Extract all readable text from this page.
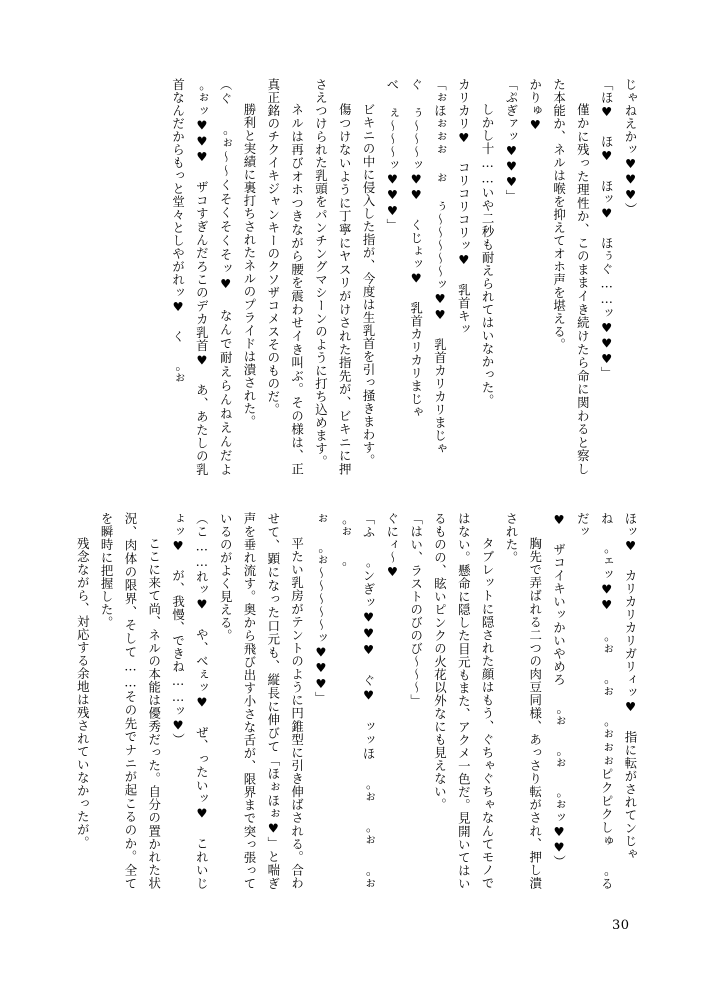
じゃねえかッ♥♥♥）

「ほ♥ ほ♥ ほッ♥ ほぅぐ……ッ♥♥♥」

　僅かに残った理性か、このままイき続けたら命に関わると察した本能か、ネルは喉を抑えてオホ声を堪える。

かりゅ♥

「ぷぎァッ♥♥♥」

　しかし十……いや二秒も耐えられてはいなかった。

カリカリ♥ コリコリコリッ♥ 乳首キッ

「ぉほぉぉぉ ぉ ぅ～～～～～ッ♥♥ 乳首カリカリまじゃ

ぐ ぅ～～～ッ♥♥ くじょッ♥ 乳首カリカリまじゃ

べ ぇ～～～ッ♥♥♥」

　ビキニの中に侵入した指が、今度は生乳首を引っ掻きまわす。

　傷つけないように丁寧にヤスリがけされた指先が、ビキニに押さえつけられた乳頭をパンチングマシーンのように打ち込めます。

　ネルは再びオホつきながら腰を震わせイき叫ぶ。その様は、正真正銘のチクイキジャンキーのクソザコメスそのものだ。

　勝利と実績に裏打ちされたネルのプライドは潰された。

（ぐ ｡ぉ～～くそくそくそッ♥ なんで耐えらんねえんだよ ｡ぉッ♥♥♥ ザコすぎんだろこのデカ乳首♥ あ、あたしの乳首なんだからもっと堂々としやがれッ♥ く ｡ぉ

ほッ♥ カリカリカリガリィッ♥ 指に転がされてンじゃ

ね ｡ェッ♥♥ ｡ぉ ｡ぉ ｡ぉぉぉピクピクしゅ ｡るだッ

♥ ザコイキいッかいやめろ ｡ぉ ｡ぉ ｡ぉッ♥♥）

　胸先で弄ばれる二つの肉豆同様、あっさり転がされ、押し潰された。

　タブレットに隠された顔はもう、ぐちゃぐちゃなんてモノではない。懸命に隠した目元もまた、アクメ一色だ。見開いてはいるものの、眩いピンクの火花以外なにも見えない。

「はい、ラストのびのび～～～」

ぐにィ～♥

「ふ ｡ンぎッ♥♥♥ ぐ♥ ッッほ ｡ぉ ｡ぉ ｡ぉ ｡ぉ ｡

ぉ ｡ぉ～～～～～ッ♥♥♥」

　平たい乳房がテントのように円錐型に引き伸ばされる。合わせて、顕になった口元も、縦長に伸びて「ほぉほぉ♥」と喘ぎ声を垂れ流す。奥から飛び出す小さな舌が、限界まで突っ張っているのがよく見える。

（こ……れッ♥ や、べぇッ♥ ぜ、ったいッ♥ これいじょッ♥ が、我慢、できね……ッ♥）

　ここに来て尚、ネルの本能は優秀だった。自分の置かれた状況、肉体の限界、そして……その先でナニが起こるのか。全てを瞬時に把握した。

　残念ながら、対応する余地は残されていなかったが。

30
